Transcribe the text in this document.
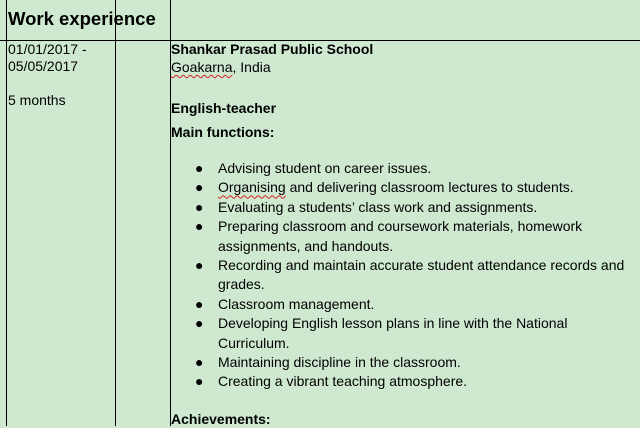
Work experience
01/01/2017 -
05/05/2017
5 months
Shankar Prasad Public School
Goakarna, India
English-teacher
Main functions:
● Advising student on career issues.
● Organising and delivering classroom lectures to students.
● Evaluating a students’ class work and assignments.
● Preparing classroom and coursework materials, homework
assignments, and handouts.
● Recording and maintain accurate student attendance records and
grades.
● Classroom management.
● Developing English lesson plans in line with the National
Curriculum.
● Maintaining discipline in the classroom.
● Creating a vibrant teaching atmosphere.
Achievements:
